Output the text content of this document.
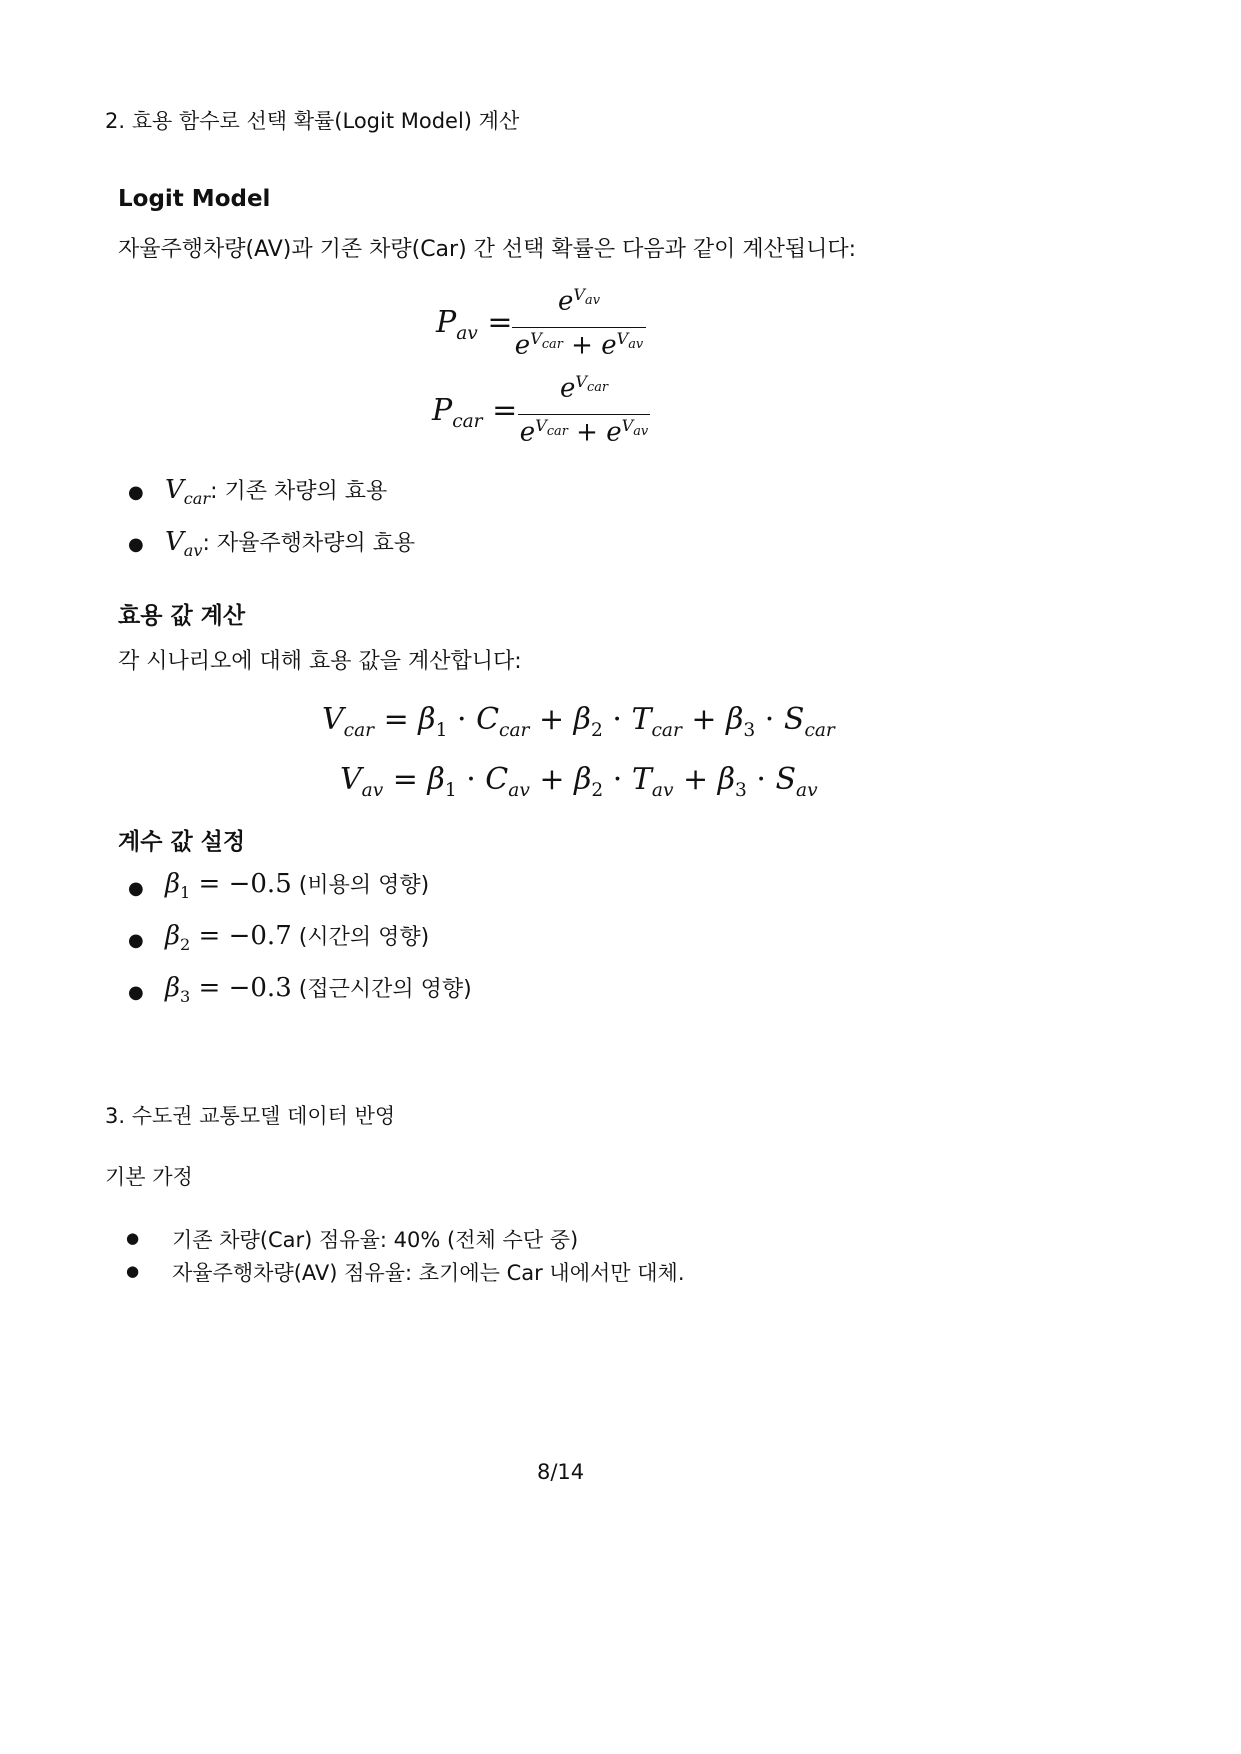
2. 효용 함수로 선택 확률(Logit Model) 계산
Logit Model
자율주행차량(AV)과 기존 차량(Car) 간 선택 확률은 다음과 같이 계산됩니다:
$P_{av}$ =
$e^{V_{av}}$
$e^{V_{car}} + e^{V_{av}}$
$P_{car}$ =
$e^{V_{car}}$
$e^{V_{car}} + e^{V_{av}}$
● $V_{car}$: 기존 차량의 효용
● $V_{av}$: 자율주행차량의 효용
효용 값 계산
각 시나리오에 대해 효용 값을 계산합니다:
$V_{car} = \beta_1 \cdot C_{car} + \beta_2 \cdot T_{car} + \beta_3 \cdot S_{car}$
$V_{av} = \beta_1 \cdot C_{av} + \beta_2 \cdot T_{av} + \beta_3 \cdot S_{av}$
계수 값 설정
● $\beta_1 = -0.5$ (비용의 영향)
● $\beta_2 = -0.7$ (시간의 영향)
● $\beta_3 = -0.3$ (접근시간의 영향)
3. 수도권 교통모델 데이터 반영
기본 가정
● 기존 차량(Car) 점유율: 40% (전체 수단 중)
● 자율주행차량(AV) 점유율: 초기에는 Car 내에서만 대체.
8/14
